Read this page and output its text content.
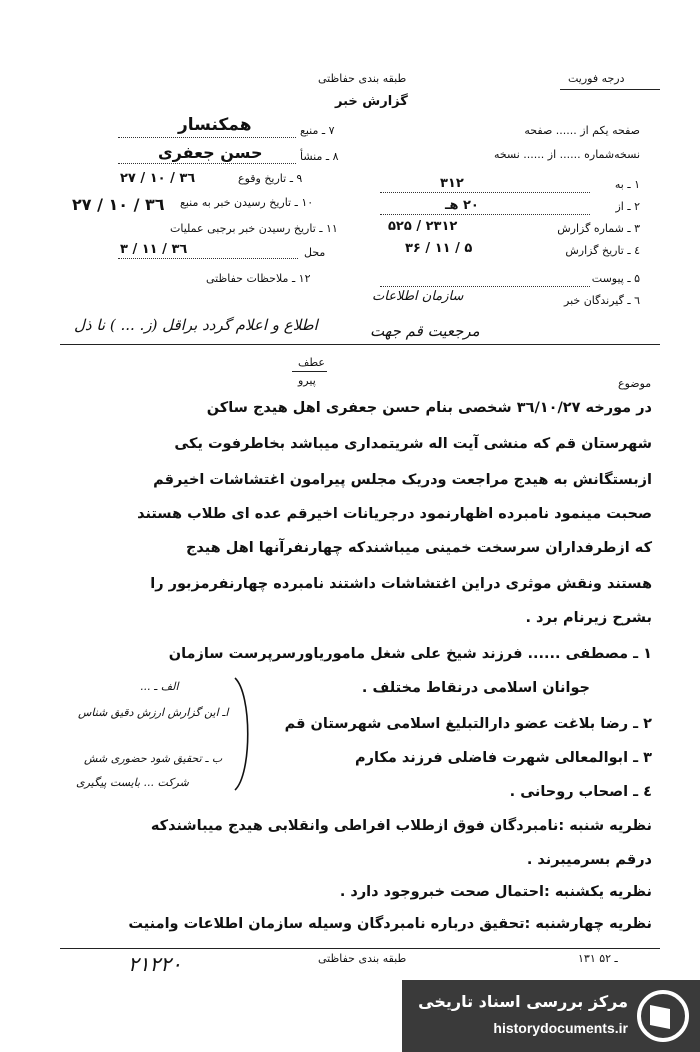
طبقه بندی حفاظتی	درجه فوریت
گزارش خبر
صفحه یکم از ...... صفحه
نسخه‌شماره ...... از ...... نسخه
۱ ـ به
۳۱۲
۲ ـ از
۲۰ هـ
۳ ـ شماره گزارش
۲۳۱۲ / ۵۲۵
٤ ـ تاریخ گزارش
۵ / ۱۱ / ۳۶
۵ ـ پیوست
٦ ـ گیرندگان خبر
سازمان اطلاعات
۷ ـ منبع
همکنسار
۸ ـ منشأ
حسن جعفری
۹ ـ تاریخ وقوع
۳٦ / ۱۰ / ۲۷
۱۰ ـ تاریخ رسیدن خبر به منبع
۳٦ / ۱۰ / ۲۷
۱۱ ـ تاریخ رسیدن خبر برجبی عملیات
محل
۳٦ / ۱۱ / ۳
۱۲ ـ ملاحظات حفاظتی
اطلاع و اعلام گردد براقل (ز. ... ) نا ذل	مرجعیت قم جهت
عطف
پیرو	موضوع
در مورخه ۳٦/۱۰/۲۷ شخصی بنام حسن جعفری اهل هیدج ساکن
شهرستان قم که منشی آیت اله شریتمداری میباشد بخاطرفوت یکی
ازبستگانش به هیدج مراجعت ودریک مجلس پیرامون اغتشاشات اخیرقم
صحبت مینمود نامبرده اظهارنمود درجریانات اخیرقم عده ای طلاب هستند
که ازطرفداران سرسخت خمینی میباشندکه چهارنفرآنها اهل هیدج
هستند ونقش موثری دراین اغتشاشات داشتند نامبرده چهارنفرمزبور را
بشرح زیرنام برد .
۱ ـ مصطفی ...... فرزند شیخ علی شغل ماموریاورسرپرست سازمان
جوانان اسلامی درنقاط مختلف .
۲ ـ رضا بلاغت عضو دارالتبلیغ اسلامی شهرستان قم
۳ ـ ابوالمعالی شهرت فاضلی فرزند مکارم
٤ ـ اصحاب روحانی .
الف ـ ...
اـ این گزارش ارزش دقیق شناس
ب ـ تحقیق شود حضوری شش
شرکت ... بایست پیگیری
نظریه شنبه :نامبردگان فوق ازطلاب افراطی وانقلابی هیدج میباشندکه
درقم بسرمیبرند .
نظریه یکشنبه :احتمال صحت خبروجود دارد .
نظریه چهارشنبه :تحقیق درباره نامبردگان وسیله سازمان اطلاعات وامنیت
طبقه بندی حفاظتی	۱۳۱ ـ ۵۲
۲۱۲۲۰
مرکز بررسی اسناد تاریخی
historydocuments.ir
